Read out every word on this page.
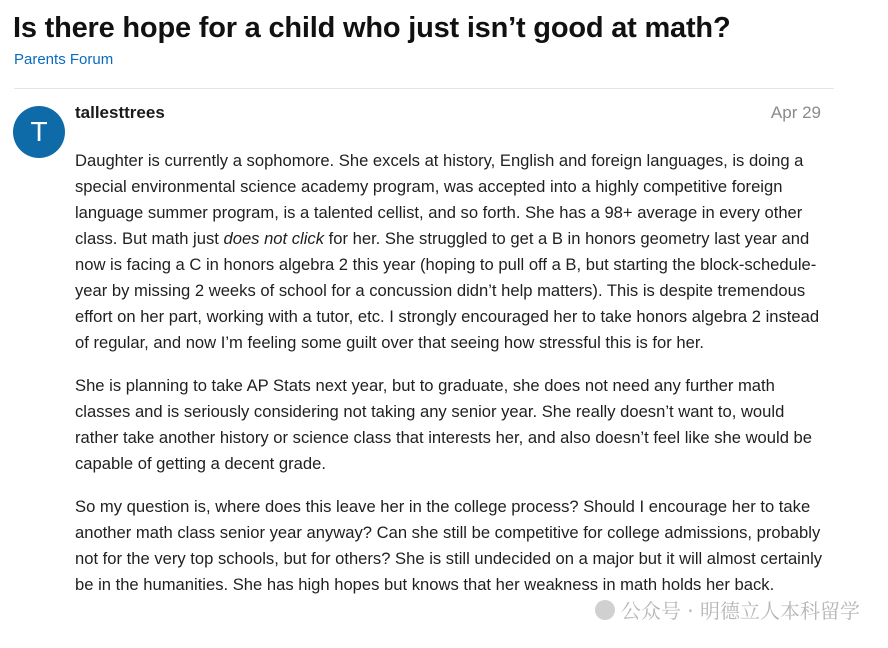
Is there hope for a child who just isn’t good at math?
Parents Forum
T
tallesttrees	Apr 29

Daughter is currently a sophomore. She excels at history, English and foreign languages, is doing a special environmental science academy program, was accepted into a highly competitive foreign language summer program, is a talented cellist, and so forth. She has a 98+ average in every other class. But math just does not click for her. She struggled to get a B in honors geometry last year and now is facing a C in honors algebra 2 this year (hoping to pull off a B, but starting the block-schedule-year by missing 2 weeks of school for a concussion didn’t help matters). This is despite tremendous effort on her part, working with a tutor, etc. I strongly encouraged her to take honors algebra 2 instead of regular, and now I’m feeling some guilt over that seeing how stressful this is for her.

She is planning to take AP Stats next year, but to graduate, she does not need any further math classes and is seriously considering not taking any senior year. She really doesn’t want to, would rather take another history or science class that interests her, and also doesn’t feel like she would be capable of getting a decent grade.

So my question is, where does this leave her in the college process? Should I encourage her to take another math class senior year anyway? Can she still be competitive for college admissions, probably not for the very top schools, but for others? She is still undecided on a major but it will almost certainly be in the humanities. She has high hopes but knows that her weakness in math holds her back.

公众号 · 明德立人本科留学
